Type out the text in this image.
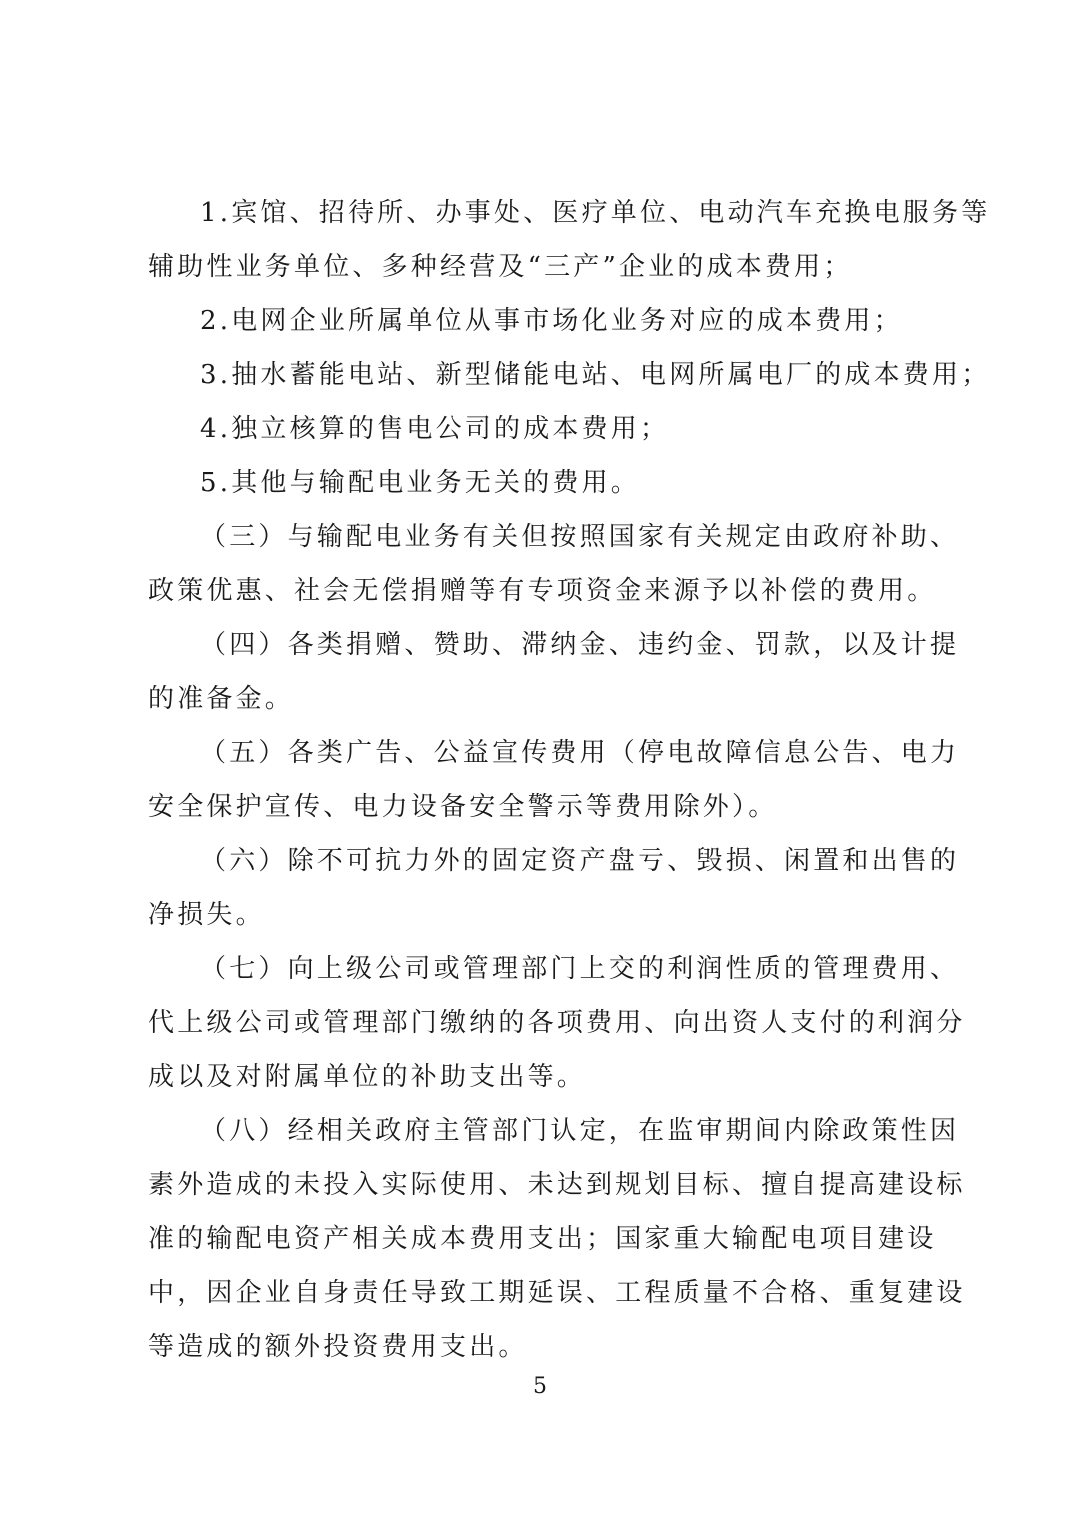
1.宾馆、招待所、办事处、医疗单位、电动汽车充换电服务等
辅助性业务单位、多种经营及“三产”企业的成本费用；
2.电网企业所属单位从事市场化业务对应的成本费用；
3.抽水蓄能电站、新型储能电站、电网所属电厂的成本费用；
4.独立核算的售电公司的成本费用；
5.其他与输配电业务无关的费用。
（三）与输配电业务有关但按照国家有关规定由政府补助、
政策优惠、社会无偿捐赠等有专项资金来源予以补偿的费用。
（四）各类捐赠、赞助、滞纳金、违约金、罚款，以及计提
的准备金。
（五）各类广告、公益宣传费用（停电故障信息公告、电力
安全保护宣传、电力设备安全警示等费用除外）。
（六）除不可抗力外的固定资产盘亏、毁损、闲置和出售的
净损失。
（七）向上级公司或管理部门上交的利润性质的管理费用、
代上级公司或管理部门缴纳的各项费用、向出资人支付的利润分
成以及对附属单位的补助支出等。
（八）经相关政府主管部门认定，在监审期间内除政策性因
素外造成的未投入实际使用、未达到规划目标、擅自提高建设标
准的输配电资产相关成本费用支出；国家重大输配电项目建设
中，因企业自身责任导致工期延误、工程质量不合格、重复建设
等造成的额外投资费用支出。
5
